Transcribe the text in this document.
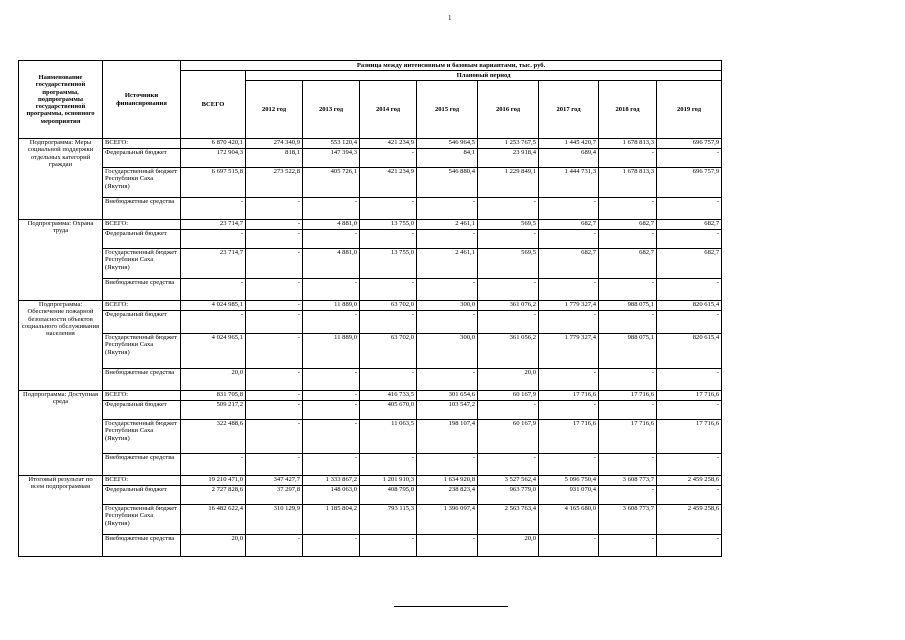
1
Наименование государственной программы, подпрограммы государственной программы, основного мероприятия	Источники финансирования	Разница между интенсивным и базовым вариантами, тыс. руб.								
		ВСЕГО	Плановый период							
			2012 год	2013 год	2014 год	2015 год	2016 год	2017 год	2018 год	2019 год
Подпрограмма: Меры социальной поддержки отдельных категорий граждан	ВСЕГО:	6 870 420,1	274 340,9	553 120,4	421 234,9	546 964,5	1 253 767,5	1 445 420,7	1 678 813,3	696 757,9
	Федеральный бюджет	172 904,3	818,1	147 394,3	-	84,1	23 918,4	689,4	-	-
	Государственный бюджет Республики Саха (Якутия)	6 697 515,8	273 522,8	405 726,1	421 234,9	546 880,4	1 229 849,1	1 444 731,3	1 678 813,3	696 757,9
	Внебюджетные средства	-	-	-	-	-	-	-	-	-
Подпрограмма: Охрана труда	ВСЕГО:	23 714,7	-	4 881,0	13 755,0	2 461,1	569,5	682,7	682,7	682,7
	Федеральный бюджет	-	-	-	-	-	-	-	-	-
	Государственный бюджет Республики Саха (Якутия)	23 714,7	-	4 881,0	13 755,0	2 461,1	569,5	682,7	682,7	682,7
	Внебюджетные средства	-	-	-	-	-	-	-	-	-
Подпрограмма: Обеспечение пожарной безопасности объектов социального обслуживания населения	ВСЕГО:	4 024 985,1	-	11 889,0	63 702,0	300,0	361 076,2	1 779 327,4	988 075,1	820 615,4
	Федеральный бюджет	-	-	-	-	-	-	-	-	-
	Государственный бюджет Республики Саха (Якутия)	4 024 965,1	-	11 889,0	63 702,0	300,0	361 056,2	1 779 327,4	988 075,1	820 615,4
	Внебюджетные средства	20,0	-	-	-	-	20,0	-	-	-
Подпрограмма: Доступная среда	ВСЕГО:	831 705,8	-	-	416 733,5	301 654,6	60 167,9	17 716,6	17 716,6	17 716,6
	Федеральный бюджет	509 217,2	-	-	405 670,0	103 547,2	-	-	-	-
	Государственный бюджет Республики Саха (Якутия)	322 488,6	-	-	11 063,5	198 107,4	60 167,9	17 716,6	17 716,6	17 716,6
	Внебюджетные средства	-	-	-	-	-	-	-	-	-
Итоговый результат по всем подпрограммам	ВСЕГО:	19 210 471,0	347 427,7	1 333 867,2	1 201 910,3	1 634 920,8	3 527 562,4	5 096 750,4	3 608 773,7	2 459 258,6
	Федеральный бюджет	2 727 828,6	37 297,8	148 063,0	408 795,0	238 823,4	963 779,0	931 070,4	-	-
	Государственный бюджет Республики Саха (Якутия)	16 482 622,4	310 129,9	1 185 804,2	793 115,3	1 396 097,4	2 563 763,4	4 165 680,0	3 608 773,7	2 459 258,6
	Внебюджетные средства	20,0	-	-	-	-	20,0	-	-	-
